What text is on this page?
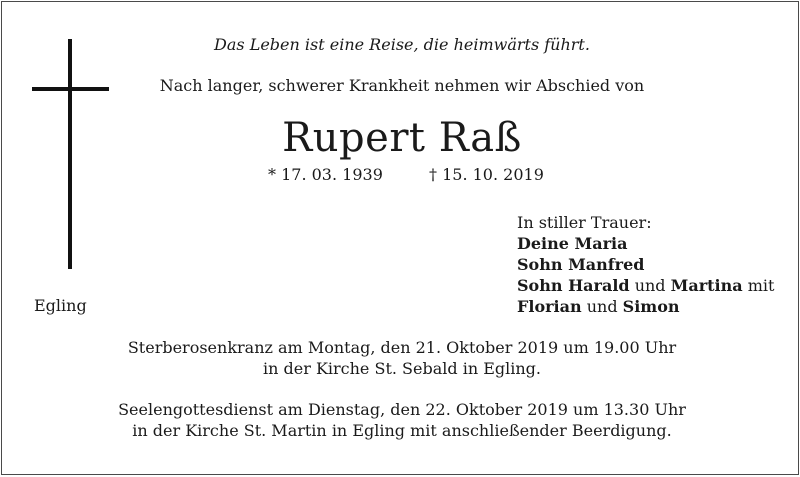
Das Leben ist eine Reise, die heimwärts führt.
Nach langer, schwerer Krankheit nehmen wir Abschied von
Rupert Raß
* 17. 03. 1939	† 15. 10. 2019
Egling
In stiller Trauer:
Deine Maria
Sohn Manfred
Sohn Harald und Martina mit
Florian und Simon
Sterberosenkranz am Montag, den 21. Oktober 2019 um 19.00 Uhr
in der Kirche St. Sebald in Egling.
Seelengottesdienst am Dienstag, den 22. Oktober 2019 um 13.30 Uhr
in der Kirche St. Martin in Egling mit anschließender Beerdigung.
